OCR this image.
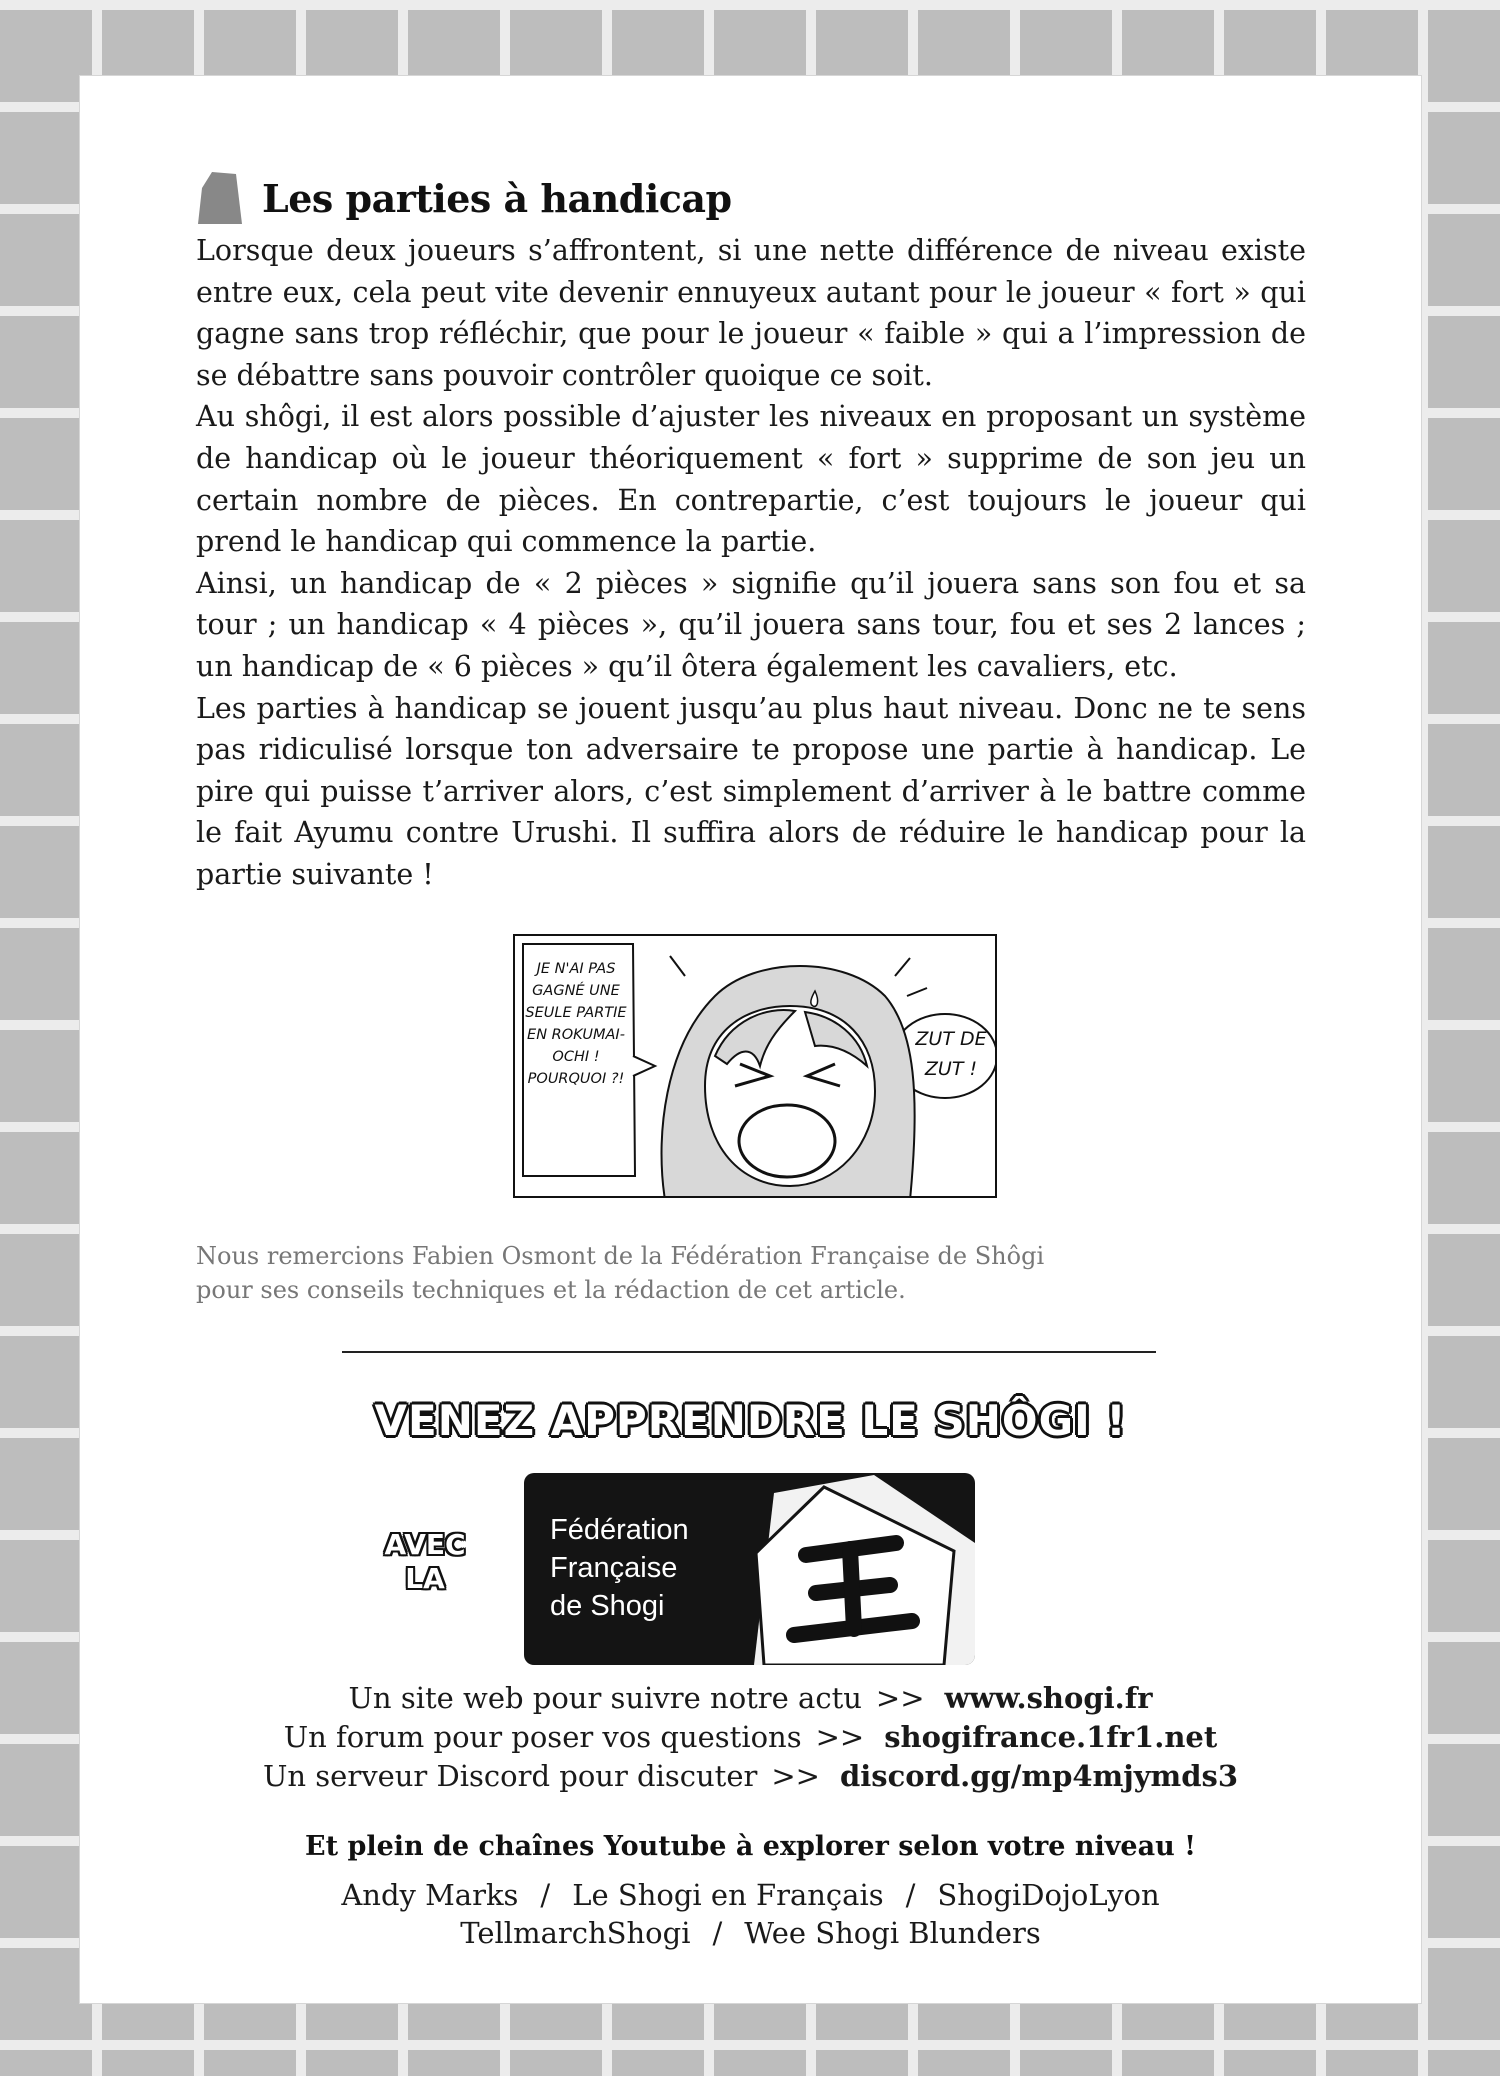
Les parties à handicap

Lorsque deux joueurs s’affrontent, si une nette différence de niveau existe entre eux, cela peut vite devenir ennuyeux autant pour le joueur « fort » qui gagne sans trop réfléchir, que pour le joueur « faible » qui a l’impression de se débattre sans pouvoir contrôler quoique ce soit.

Au shôgi, il est alors possible d’ajuster les niveaux en proposant un système de handicap où le joueur théoriquement « fort » supprime de son jeu un certain nombre de pièces. En contrepartie, c’est toujours le joueur qui prend le handicap qui commence la partie.

Ainsi, un handicap de « 2 pièces » signifie qu’il jouera sans son fou et sa tour ; un handicap « 4 pièces », qu’il jouera sans tour, fou et ses 2 lances ; un handicap de « 6 pièces » qu’il ôtera également les cavaliers, etc.

Les parties à handicap se jouent jusqu’au plus haut niveau. Donc ne te sens pas ridiculisé lorsque ton adversaire te propose une partie à handicap. Le pire qui puisse t’arriver alors, c’est simplement d’arriver à le battre comme le fait Ayumu contre Urushi. Il suffira alors de réduire le handicap pour la partie suivante !

JE N'AI PAS GAGNÉ UNE SEULE PARTIE EN ROKUMAI-OCHI ! POURQUOI ?!
ZUT DE ZUT !

Nous remercions Fabien Osmont de la Fédération Française de Shôgi

pour ses conseils techniques et la rédaction de cet article.

VENEZ APPRENDRE LE SHÔGI !
AVEC
LA
Fédération
Française
de Shogi
Un site web pour suivre notre actu >> www.shogi.fr
Un forum pour poser vos questions >> shogifrance.1fr1.net
Un serveur Discord pour discuter >> discord.gg/mp4mjymds3
Et plein de chaînes Youtube à explorer selon votre niveau !
Andy Marks / Le Shogi en Français / ShogiDojoLyon
TellmarchShogi / Wee Shogi Blunders
